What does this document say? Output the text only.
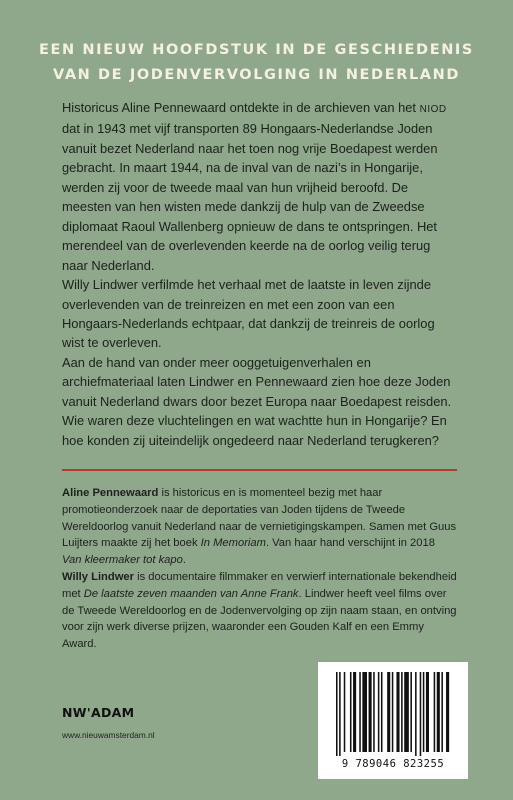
EEN NIEUW HOOFDSTUK IN DE GESCHIEDENIS
VAN DE JODENVERVOLGING IN NEDERLAND

Historicus Aline Pennewaard ontdekte in de archieven van het NIOD dat in 1943 met vijf transporten 89 Hongaars-Nederlandse Joden vanuit bezet Nederland naar het toen nog vrije Boedapest werden gebracht. In maart 1944, na de inval van de nazi’s in Hongarije, werden zij voor de tweede maal van hun vrijheid beroofd. De meesten van hen wisten mede dankzij de hulp van de Zweedse diplomaat Raoul Wallenberg opnieuw de dans te ontspringen. Het merendeel van de overlevenden keerde na de oorlog veilig terug naar Nederland.

Willy Lindwer verfilmde het verhaal met de laatste in leven zijnde overlevenden van de treinreizen en met een zoon van een Hongaars-Nederlands echtpaar, dat dankzij de treinreis de oorlog wist te overleven.

Aan de hand van onder meer ooggetuigenverhalen en archiefmateriaal laten Lindwer en Pennewaard zien hoe deze Joden vanuit Nederland dwars door bezet Europa naar Boedapest reisden. Wie waren deze vluchtelingen en wat wachtte hun in Hongarije? En hoe konden zij uiteindelijk ongedeerd naar Nederland terugkeren?

Aline Pennewaard is historicus en is momenteel bezig met haar promotieonderzoek naar de deportaties van Joden tijdens de Tweede Wereldoorlog vanuit Nederland naar de vernietigingskampen. Samen met Guus Luijters maakte zij het boek In Memoriam. Van haar hand verschijnt in 2018 Van kleermaker tot kapo.

Willy Lindwer is documentaire filmmaker en verwierf internationale bekendheid met De laatste zeven maanden van Anne Frank. Lindwer heeft veel films over de Tweede Wereldoorlog en de Jodenvervolging op zijn naam staan, en ontving voor zijn werk diverse prijzen, waaronder een Gouden Kalf en een Emmy Award.

NW'ADAM
www.nieuwamsterdam.nl
9 789046 823255
